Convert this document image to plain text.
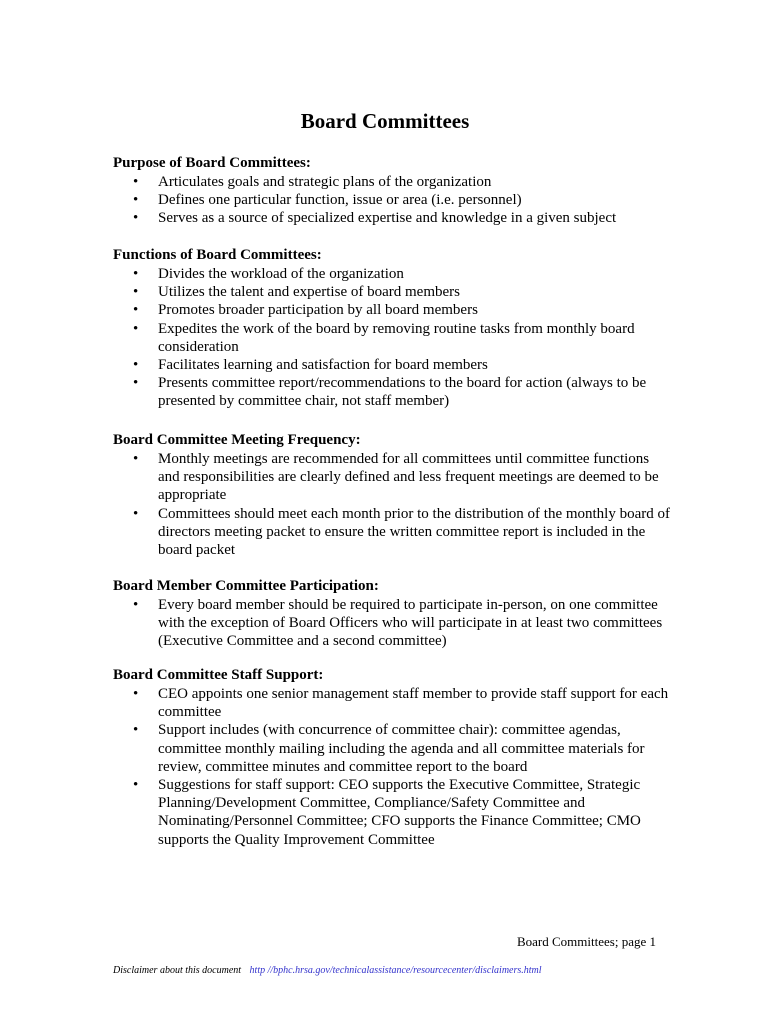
Board Committees
Purpose of Board Committees:
• Articulates goals and strategic plans of the organization
• Defines one particular function, issue or area (i.e. personnel)
• Serves as a source of specialized expertise and knowledge in a given subject
Functions of Board Committees:
• Divides the workload of the organization
• Utilizes the talent and expertise of board members
• Promotes broader participation by all board members
• Expedites the work of the board by removing routine tasks from monthly board consideration
• Facilitates learning and satisfaction for board members
• Presents committee report/recommendations to the board for action (always to be presented by committee chair, not staff member)
Board Committee Meeting Frequency:
• Monthly meetings are recommended for all committees until committee functions and responsibilities are clearly defined and less frequent meetings are deemed to be appropriate
• Committees should meet each month prior to the distribution of the monthly board of directors meeting packet to ensure the written committee report is included in the board packet
Board Member Committee Participation:
• Every board member should be required to participate in-person, on one committee with the exception of Board Officers who will participate in at least two committees (Executive Committee and a second committee)
Board Committee Staff Support:
• CEO appoints one senior management staff member to provide staff support for each committee
• Support includes (with concurrence of committee chair): committee agendas, committee monthly mailing including the agenda and all committee materials for review, committee minutes and committee report to the board
• Suggestions for staff support: CEO supports the Executive Committee, Strategic Planning/Development Committee, Compliance/Safety Committee and Nominating/Personnel Committee; CFO supports the Finance Committee; CMO supports the Quality Improvement Committee
Board Committees; page 1
Disclaimer about this document http //bphc.hrsa.gov/technicalassistance/resourcecenter/disclaimers.html
